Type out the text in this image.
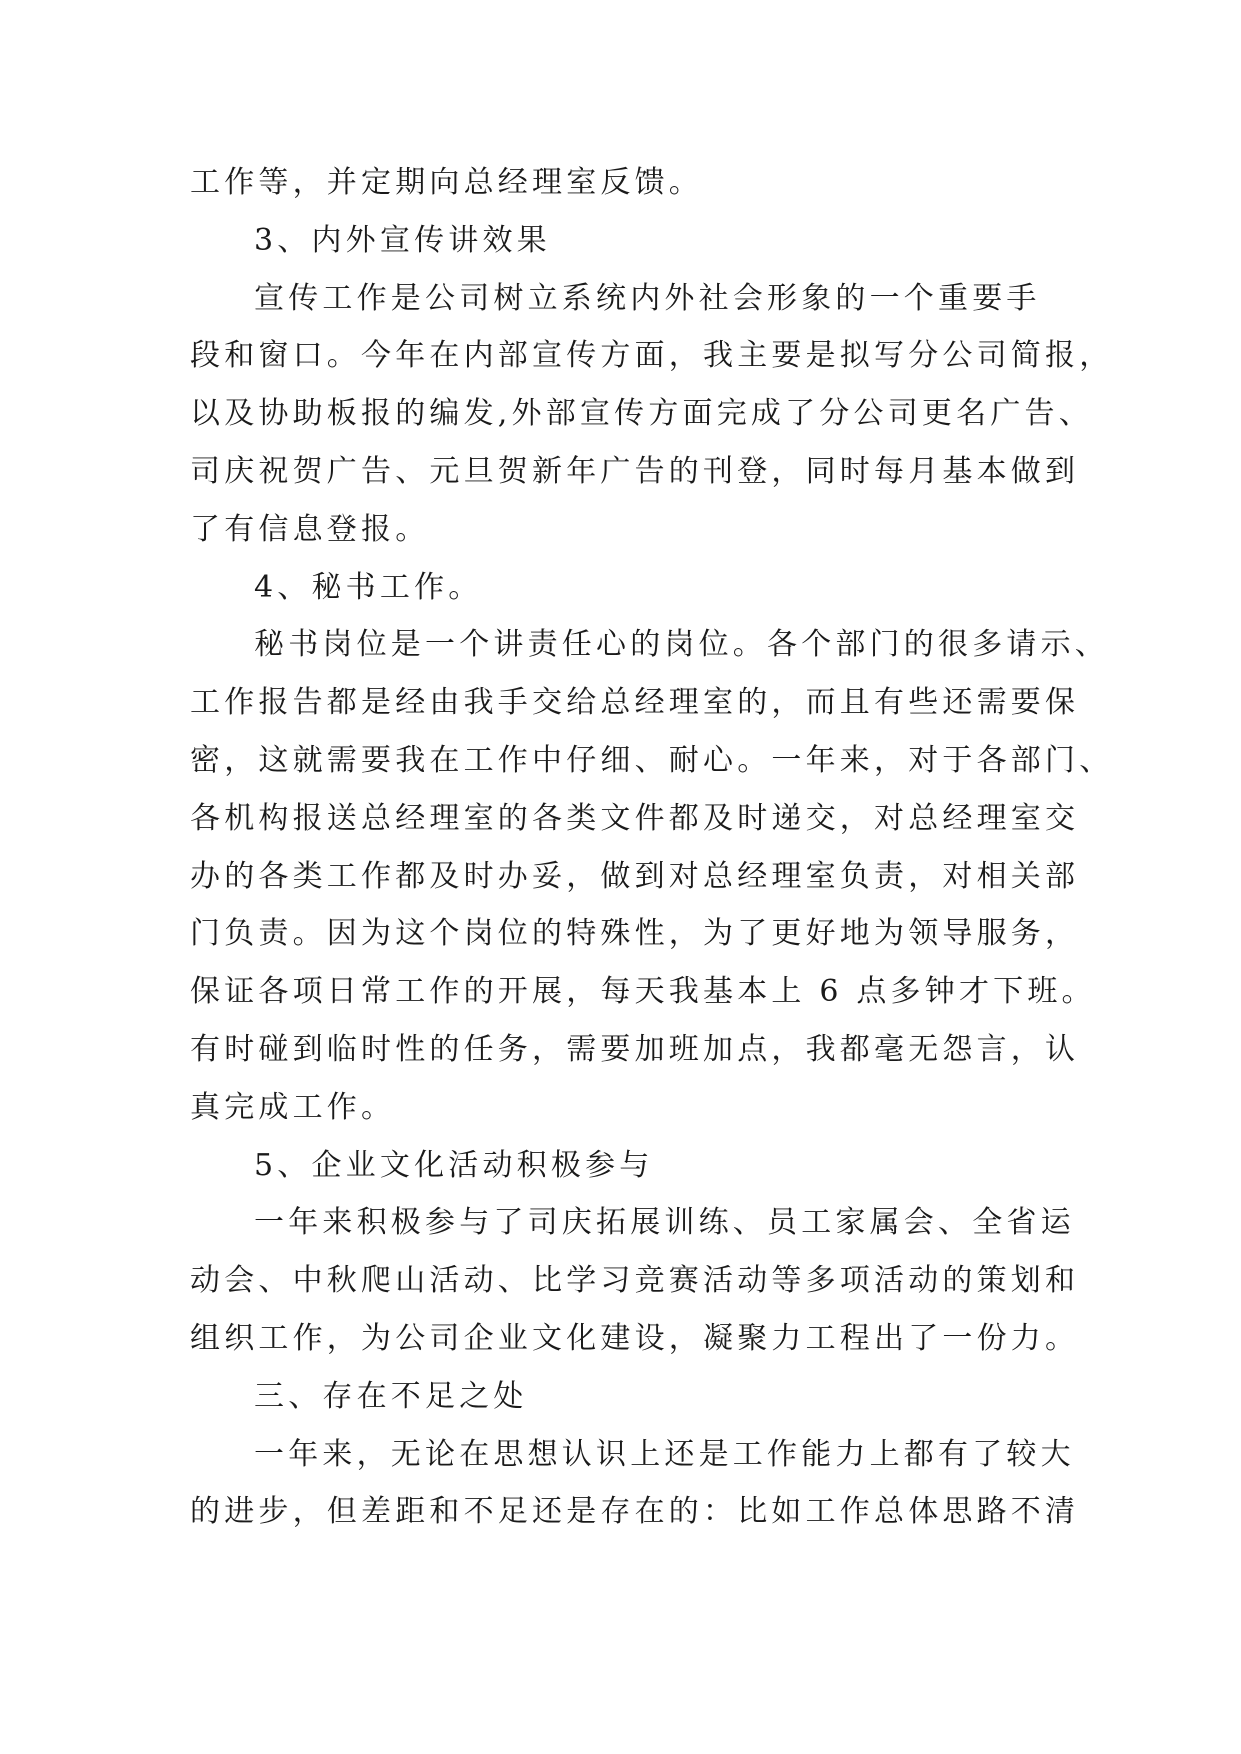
工作等，并定期向总经理室反馈。
3、内外宣传讲效果
宣传工作是公司树立系统内外社会形象的一个重要手
段和窗口。今年在内部宣传方面，我主要是拟写分公司简报，
以及协助板报的编发,外部宣传方面完成了分公司更名广告、
司庆祝贺广告、元旦贺新年广告的刊登，同时每月基本做到
了有信息登报。
4、秘书工作。
秘书岗位是一个讲责任心的岗位。各个部门的很多请示、
工作报告都是经由我手交给总经理室的，而且有些还需要保
密，这就需要我在工作中仔细、耐心。一年来，对于各部门、
各机构报送总经理室的各类文件都及时递交，对总经理室交
办的各类工作都及时办妥，做到对总经理室负责，对相关部
门负责。因为这个岗位的特殊性，为了更好地为领导服务，
保证各项日常工作的开展，每天我基本上 6 点多钟才下班。
有时碰到临时性的任务，需要加班加点，我都毫无怨言，认
真完成工作。
5、企业文化活动积极参与
一年来积极参与了司庆拓展训练、员工家属会、全省运
动会、中秋爬山活动、比学习竞赛活动等多项活动的策划和
组织工作，为公司企业文化建设，凝聚力工程出了一份力。
三、存在不足之处
一年来，无论在思想认识上还是工作能力上都有了较大
的进步，但差距和不足还是存在的：比如工作总体思路不清
